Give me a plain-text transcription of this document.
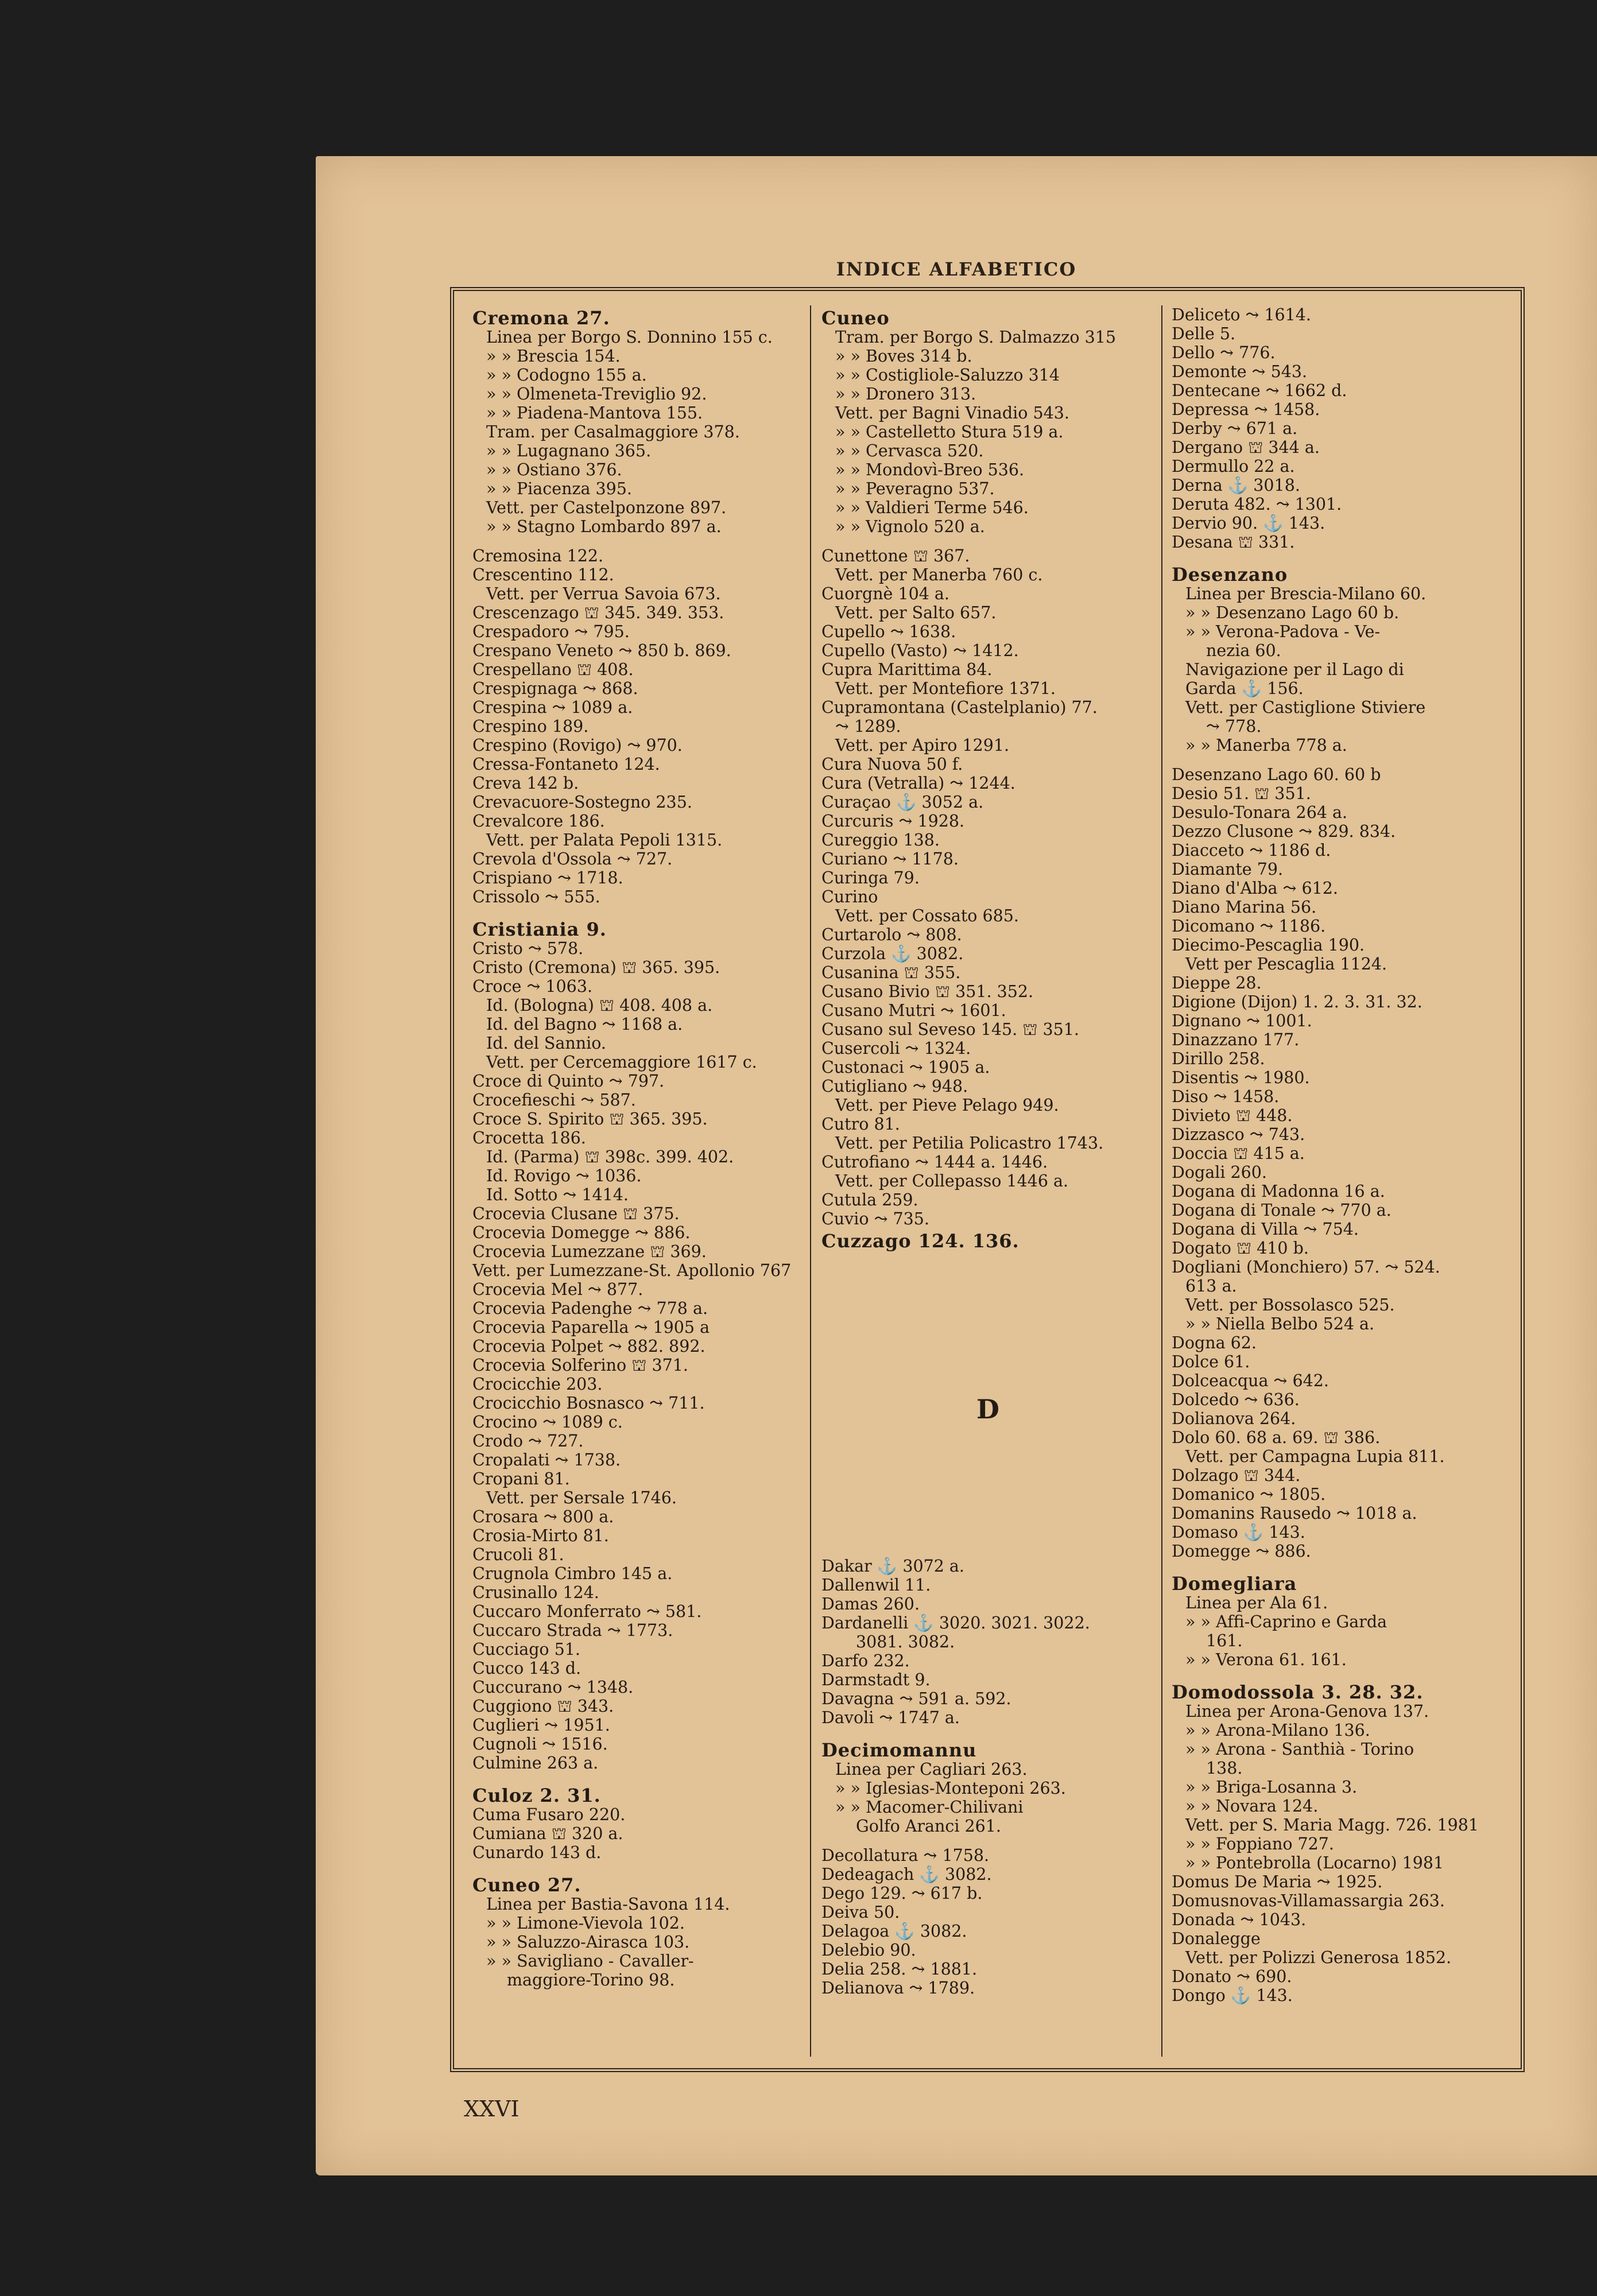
INDICE ALFABETICO
Cremona 27.
Linea per Borgo S. Donnino 155 c.
» » Brescia 154.
» » Codogno 155 a.
» » Olmeneta-Treviglio 92.
» » Piadena-Mantova 155.
Tram. per Casalmaggiore 378.
» » Lugagnano 365.
» » Ostiano 376.
» » Piacenza 395.
Vett. per Castelponzone 897.
» » Stagno Lombardo 897 a.
Cremosina 122.
Crescentino 112.
Vett. per Verrua Savoia 673.
Crescenzago ⛫ 345. 349. 353.
Crespadoro ⤳ 795.
Crespano Veneto ⤳ 850 b. 869.
Crespellano ⛫ 408.
Crespignaga ⤳ 868.
Crespina ⤳ 1089 a.
Crespino 189.
Crespino (Rovigo) ⤳ 970.
Cressa-Fontaneto 124.
Creva 142 b.
Crevacuore-Sostegno 235.
Crevalcore 186.
Vett. per Palata Pepoli 1315.
Crevola d'Ossola ⤳ 727.
Crispiano ⤳ 1718.
Crissolo ⤳ 555.
Cristiania 9.
Cristo ⤳ 578.
Cristo (Cremona) ⛫ 365. 395.
Croce ⤳ 1063.
Id. (Bologna) ⛫ 408. 408 a.
Id. del Bagno ⤳ 1168 a.
Id. del Sannio.
Vett. per Cercemaggiore 1617 c.
Croce di Quinto ⤳ 797.
Croceﬁeschi ⤳ 587.
Croce S. Spirito ⛫ 365. 395.
Crocetta 186.
Id. (Parma) ⛫ 398c. 399. 402.
Id. Rovigo ⤳ 1036.
Id. Sotto ⤳ 1414.
Crocevia Clusane ⛫ 375.
Crocevia Domegge ⤳ 886.
Crocevia Lumezzane ⛫ 369.
Vett. per Lumezzane-St. Apollonio 767
Crocevia Mel ⤳ 877.
Crocevia Padenghe ⤳ 778 a.
Crocevia Paparella ⤳ 1905 a
Crocevia Polpet ⤳ 882. 892.
Crocevia Solferino ⛫ 371.
Crocicchie 203.
Crocicchio Bosnasco ⤳ 711.
Crocino ⤳ 1089 c.
Crodo ⤳ 727.
Cropalati ⤳ 1738.
Cropani 81.
Vett. per Sersale 1746.
Crosara ⤳ 800 a.
Crosia-Mirto 81.
Crucoli 81.
Crugnola Cimbro 145 a.
Crusinallo 124.
Cuccaro Monferrato ⤳ 581.
Cuccaro Strada ⤳ 1773.
Cucciago 51.
Cucco 143 d.
Cuccurano ⤳ 1348.
Cuggiono ⛫ 343.
Cuglieri ⤳ 1951.
Cugnoli ⤳ 1516.
Culmine 263 a.
Culoz 2. 31.
Cuma Fusaro 220.
Cumiana ⛫ 320 a.
Cunardo 143 d.
Cuneo 27.
Linea per Bastia-Savona 114.
» » Limone-Vievola 102.
» » Saluzzo-Airasca 103.
» » Savigliano - Cavaller-
maggiore-Torino 98.
Cuneo
Tram. per Borgo S. Dalmazzo 315
» » Boves 314 b.
» » Costigliole-Saluzzo 314
» » Dronero 313.
Vett. per Bagni Vinadio 543.
» » Castelletto Stura 519 a.
» » Cervasca 520.
» » Mondovì-Breo 536.
» » Peveragno 537.
» » Valdieri Terme 546.
» » Vignolo 520 a.
Cunettone ⛫ 367.
Vett. per Manerba 760 c.
Cuorgnè 104 a.
Vett. per Salto 657.
Cupello ⤳ 1638.
Cupello (Vasto) ⤳ 1412.
Cupra Marittima 84.
Vett. per Monteﬁore 1371.
Cupramontana (Castelplanio) 77.
⤳ 1289.
Vett. per Apiro 1291.
Cura Nuova 50 f.
Cura (Vetralla) ⤳ 1244.
Curaçao ⚓ 3052 a.
Curcuris ⤳ 1928.
Cureggio 138.
Curiano ⤳ 1178.
Curinga 79.
Curino
Vett. per Cossato 685.
Curtarolo ⤳ 808.
Curzola ⚓ 3082.
Cusanina ⛫ 355.
Cusano Bivio ⛫ 351. 352.
Cusano Mutri ⤳ 1601.
Cusano sul Seveso 145. ⛫ 351.
Cusercoli ⤳ 1324.
Custonaci ⤳ 1905 a.
Cutigliano ⤳ 948.
Vett. per Pieve Pelago 949.
Cutro 81.
Vett. per Petilia Policastro 1743.
Cutroﬁano ⤳ 1444 a. 1446.
Vett. per Collepasso 1446 a.
Cutula 259.
Cuvio ⤳ 735.
Cuzzago 124. 136.
D
Dakar ⚓ 3072 a.
Dallenwil 11.
Damas 260.
Dardanelli ⚓ 3020. 3021. 3022.
3081. 3082.
Darfo 232.
Darmstadt 9.
Davagna ⤳ 591 a. 592.
Davoli ⤳ 1747 a.
Decimomannu
Linea per Cagliari 263.
» » Iglesias-Monteponi 263.
» » Macomer-Chilivani
Golfo Aranci 261.
Decollatura ⤳ 1758.
Dedeagach ⚓ 3082.
Dego 129. ⤳ 617 b.
Deiva 50.
Delagoa ⚓ 3082.
Delebio 90.
Delia 258. ⤳ 1881.
Delianova ⤳ 1789.
Deliceto ⤳ 1614.
Delle 5.
Dello ⤳ 776.
Demonte ⤳ 543.
Dentecane ⤳ 1662 d.
Depressa ⤳ 1458.
Derby ⤳ 671 a.
Dergano ⛫ 344 a.
Dermullo 22 a.
Derna ⚓ 3018.
Deruta 482. ⤳ 1301.
Dervio 90. ⚓ 143.
Desana ⛫ 331.
Desenzano
Linea per Brescia-Milano 60.
» » Desenzano Lago 60 b.
» » Verona-Padova - Ve-
nezia 60.
Navigazione per il Lago di
Garda ⚓ 156.
Vett. per Castiglione Stiviere
⤳ 778.
» » Manerba 778 a.
Desenzano Lago 60. 60 b
Desio 51. ⛫ 351.
Desulo-Tonara 264 a.
Dezzo Clusone ⤳ 829. 834.
Diacceto ⤳ 1186 d.
Diamante 79.
Diano d'Alba ⤳ 612.
Diano Marina 56.
Dicomano ⤳ 1186.
Diecimo-Pescaglia 190.
Vett per Pescaglia 1124.
Dieppe 28.
Digione (Dijon) 1. 2. 3. 31. 32.
Dignano ⤳ 1001.
Dinazzano 177.
Dirillo 258.
Disentis ⤳ 1980.
Diso ⤳ 1458.
Divieto ⛫ 448.
Dizzasco ⤳ 743.
Doccia ⛫ 415 a.
Dogali 260.
Dogana di Madonna 16 a.
Dogana di Tonale ⤳ 770 a.
Dogana di Villa ⤳ 754.
Dogato ⛫ 410 b.
Dogliani (Monchiero) 57. ⤳ 524.
613 a.
Vett. per Bossolasco 525.
» » Niella Belbo 524 a.
Dogna 62.
Dolce 61.
Dolceacqua ⤳ 642.
Dolcedo ⤳ 636.
Dolianova 264.
Dolo 60. 68 a. 69. ⛫ 386.
Vett. per Campagna Lupia 811.
Dolzago ⛫ 344.
Domanico ⤳ 1805.
Domanins Rausedo ⤳ 1018 a.
Domaso ⚓ 143.
Domegge ⤳ 886.
Domegliara
Linea per Ala 61.
» » Afﬁ-Caprino e Garda
161.
» » Verona 61. 161.
Domodossola 3. 28. 32.
Linea per Arona-Genova 137.
» » Arona-Milano 136.
» » Arona - Santhià - Torino
138.
» » Briga-Losanna 3.
» » Novara 124.
Vett. per S. Maria Magg. 726. 1981
» » Foppiano 727.
» » Pontebrolla (Locarno) 1981
Domus De Maria ⤳ 1925.
Domusnovas-Villamassargia 263.
Donada ⤳ 1043.
Donalegge
Vett. per Polizzi Generosa 1852.
Donato ⤳ 690.
Dongo ⚓ 143.
XXVI
